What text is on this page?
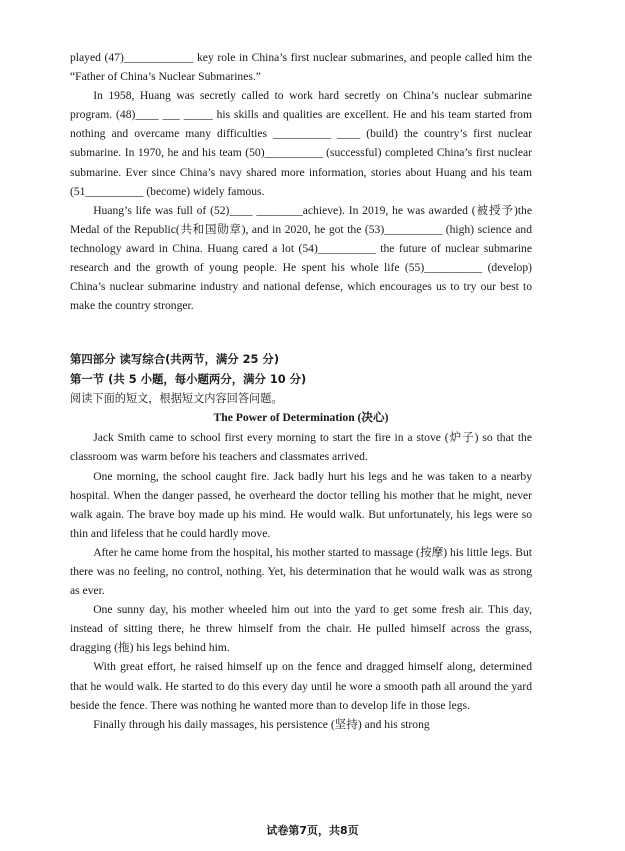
played (47)____________ key role in China’s first nuclear submarines, and people called him the “Father of China’s Nuclear Submarines.”

In 1958, Huang was secretly called to work hard secretly on China’s nuclear submarine program. (48)____ ___ _____ his skills and qualities are excellent. He and his team started from nothing and overcame many difficulties __________ ____ (build) the country’s first nuclear submarine. In 1970, he and his team (50)__________ (successful) completed China’s first nuclear submarine. Ever since China’s navy shared more information, stories about Huang and his team (51__________ (become) widely famous.

Huang’s life was full of (52)____ ________achieve). In 2019, he was awarded (被授予)the Medal of the Republic(共和国勋章), and in 2020, he got the (53)__________ (high) science and technology award in China. Huang cared a lot (54)__________ the future of nuclear submarine research and the growth of young people. He spent his whole life (55)__________ (develop) China’s nuclear submarine industry and national defense, which encourages us to try our best to make the country stronger.

第四部分 读写综合(共两节，满分 25 分)

第一节 (共 5 小题，每小题两分，满分 10 分)

阅读下面的短文，根据短文内容回答问题。

The Power of Determination (决心)

Jack Smith came to school first every morning to start the fire in a stove (炉子) so that the classroom was warm before his teachers and classmates arrived.

One morning, the school caught fire. Jack badly hurt his legs and he was taken to a nearby hospital. When the danger passed, he overheard the doctor telling his mother that he might, never walk again. The brave boy made up his mind. He would walk. But unfortunately, his legs were so thin and lifeless that he could hardly move.

After he came home from the hospital, his mother started to massage (按摩) his little legs. But there was no feeling, no control, nothing. Yet, his determination that he would walk was as strong as ever.

One sunny day, his mother wheeled him out into the yard to get some fresh air. This day, instead of sitting there, he threw himself from the chair. He pulled himself across the grass, dragging (拖) his legs behind him.

With great effort, he raised himself up on the fence and dragged himself along, determined that he would walk. He started to do this every day until he wore a smooth path all around the yard beside the fence. There was nothing he wanted more than to develop life in those legs.

Finally through his daily massages, his persistence (坚持) and his strong

试卷第7页，共8页
